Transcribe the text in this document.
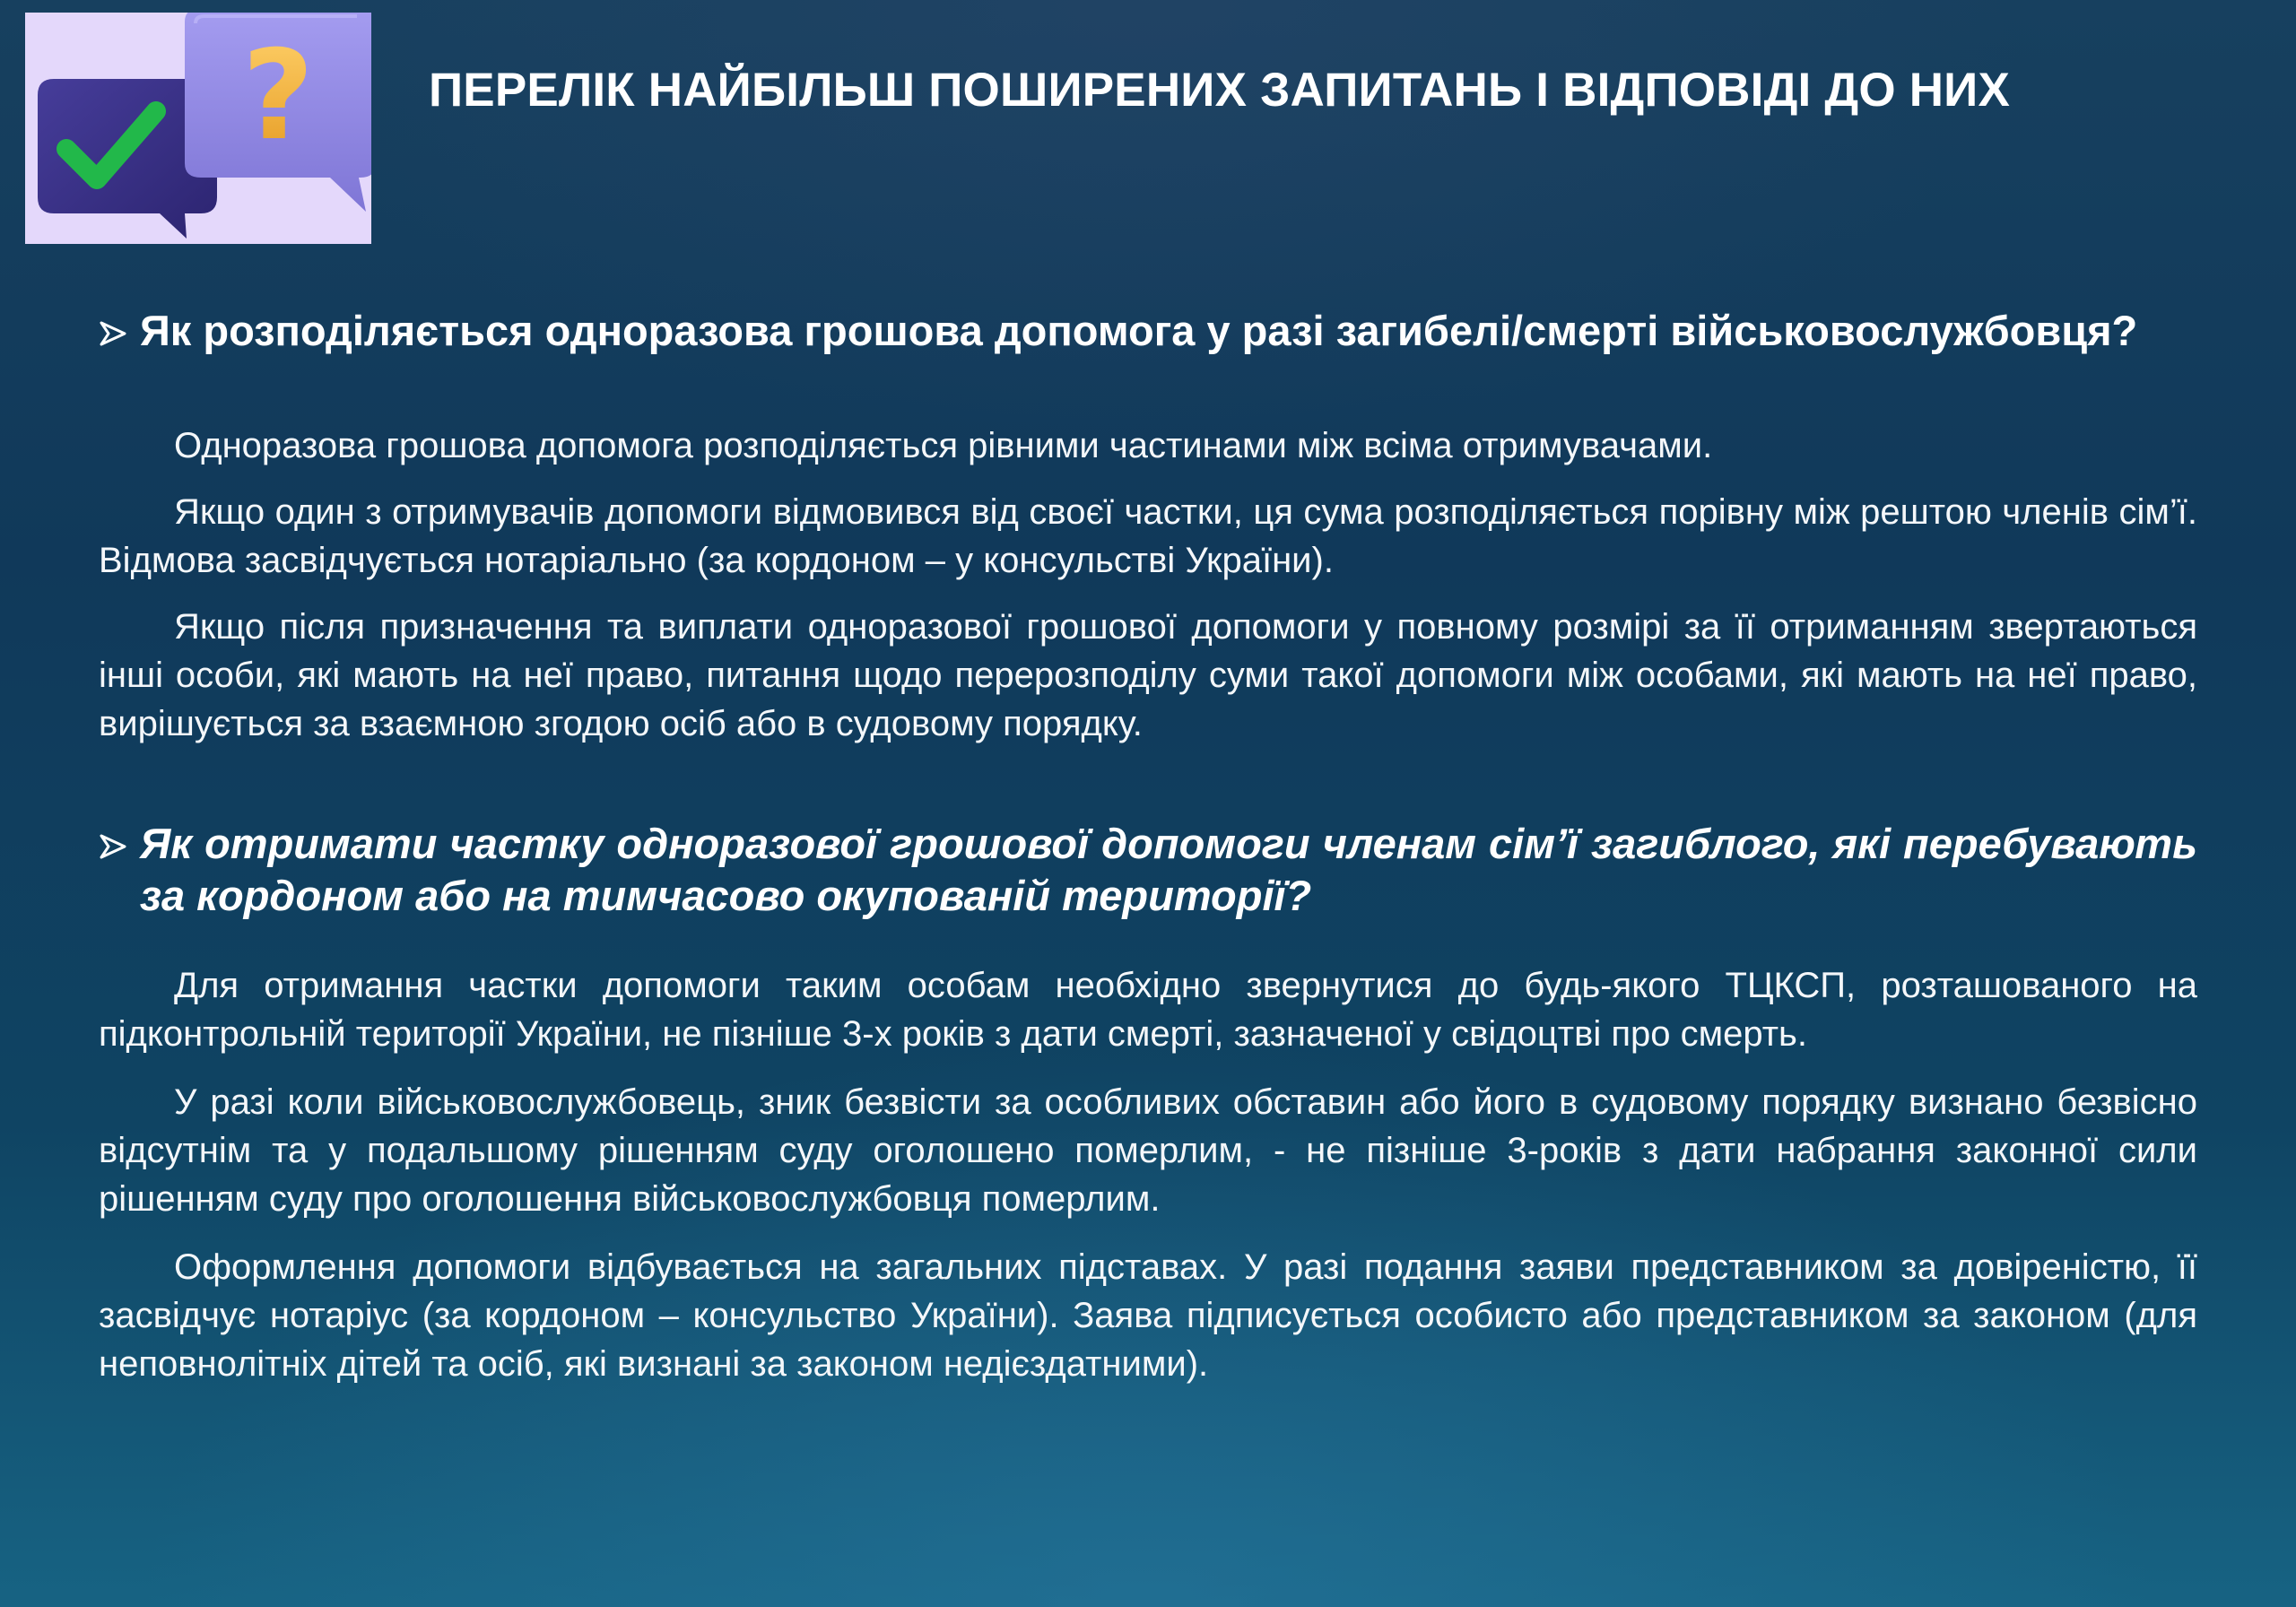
? ПЕРЕЛІК НАЙБІЛЬШ ПОШИРЕНИХ ЗАПИТАНЬ І ВІДПОВІДІ ДО НИХ
Як розподіляється одноразова грошова допомога у разі загибелі/смерті військовослужбовця?

Одноразова грошова допомога розподіляється рівними частинами між всіма отримувачами.

Якщо один з отримувачів допомоги відмовився від своєї частки, ця сума розподіляється порівну між рештою членів сім’ї. Відмова засвідчується нотаріально (за кордоном – у консульстві України).

Якщо після призначення та виплати одноразової грошової допомоги у повному розмірі за її отриманням звертаються інші особи, які мають на неї право, питання щодо перерозподілу суми такої допомоги між особами, які мають на неї право, вирішується за взаємною згодою осіб або в судовому порядку.

Як отримати частку одноразової грошової допомоги членам сім’ї загиблого, які перебувають за кордоном або на тимчасово окупованій території?

Для отримання частки допомоги таким особам необхідно звернутися до будь-якого ТЦКСП, розташованого на підконтрольній території України, не пізніше 3-х років з дати смерті, зазначеної у свідоцтві про смерть.

У разі коли військовослужбовець, зник безвісти за особливих обставин або його в судовому порядку визнано безвісно відсутнім та у подальшому рішенням суду оголошено померлим, - не пізніше 3-років з дати набрання законної сили рішенням суду про оголошення військовослужбовця померлим.

Оформлення допомоги відбувається на загальних підставах. У разі подання заяви представником за довіреністю, її засвідчує нотаріус (за кордоном – консульство України). Заява підписується особисто або представником за законом (для неповнолітніх дітей та осіб, які визнані за законом недієздатними).
